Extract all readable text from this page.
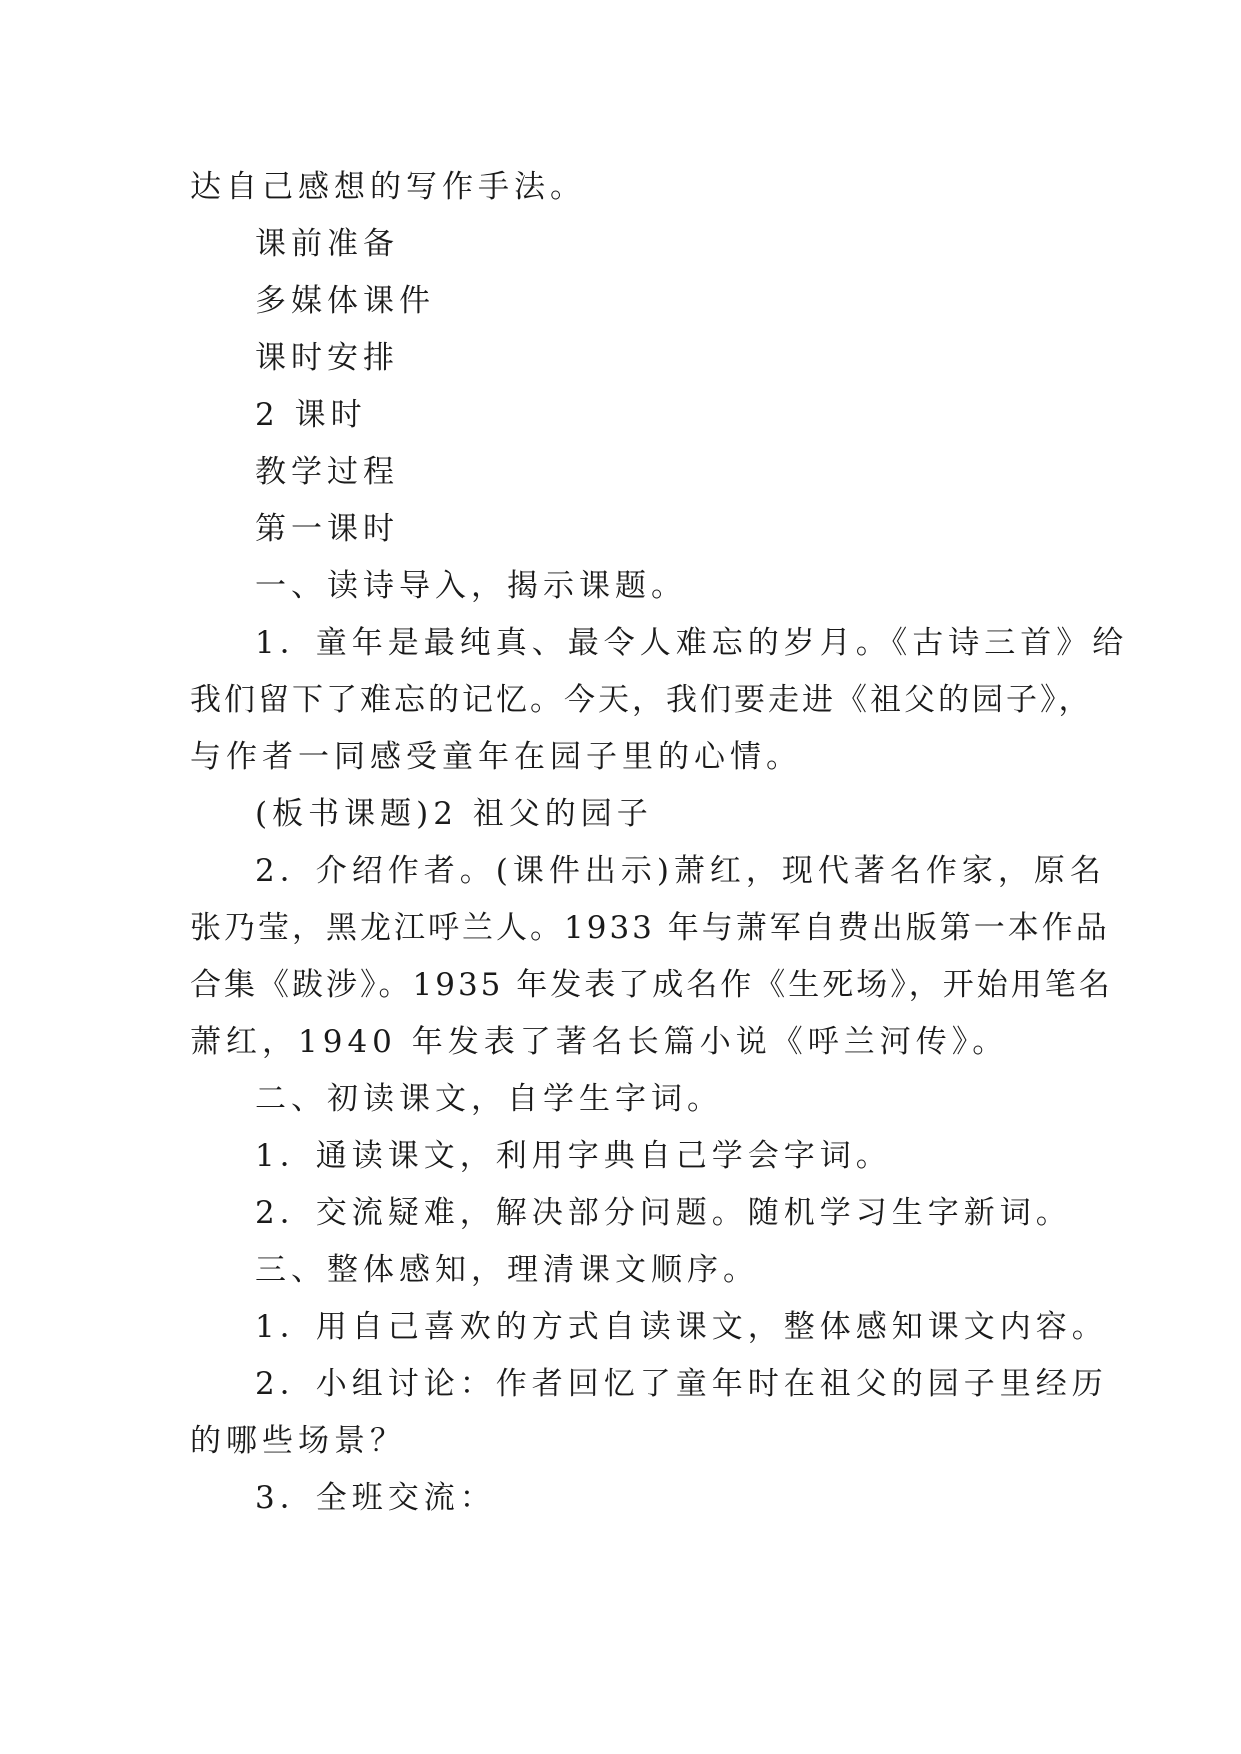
达自己感想的写作手法。
课前准备
多媒体课件
课时安排
2 课时
教学过程
第一课时
一、读诗导入，揭示课题。
1．童年是最纯真、最令人难忘的岁月。《古诗三首》给
我们留下了难忘的记忆。今天，我们要走进《祖父的园子》，
与作者一同感受童年在园子里的心情。
(板书课题)2 祖父的园子
2．介绍作者。(课件出示)萧红，现代著名作家，原名
张乃莹，黑龙江呼兰人。1933 年与萧军自费出版第一本作品
合集《跋涉》。1935 年发表了成名作《生死场》，开始用笔名
萧红，1940 年发表了著名长篇小说《呼兰河传》。
二、初读课文，自学生字词。
1．通读课文，利用字典自己学会字词。
2．交流疑难，解决部分问题。随机学习生字新词。
三、整体感知，理清课文顺序。
1．用自己喜欢的方式自读课文，整体感知课文内容。
2．小组讨论：作者回忆了童年时在祖父的园子里经历
的哪些场景？
3．全班交流：
